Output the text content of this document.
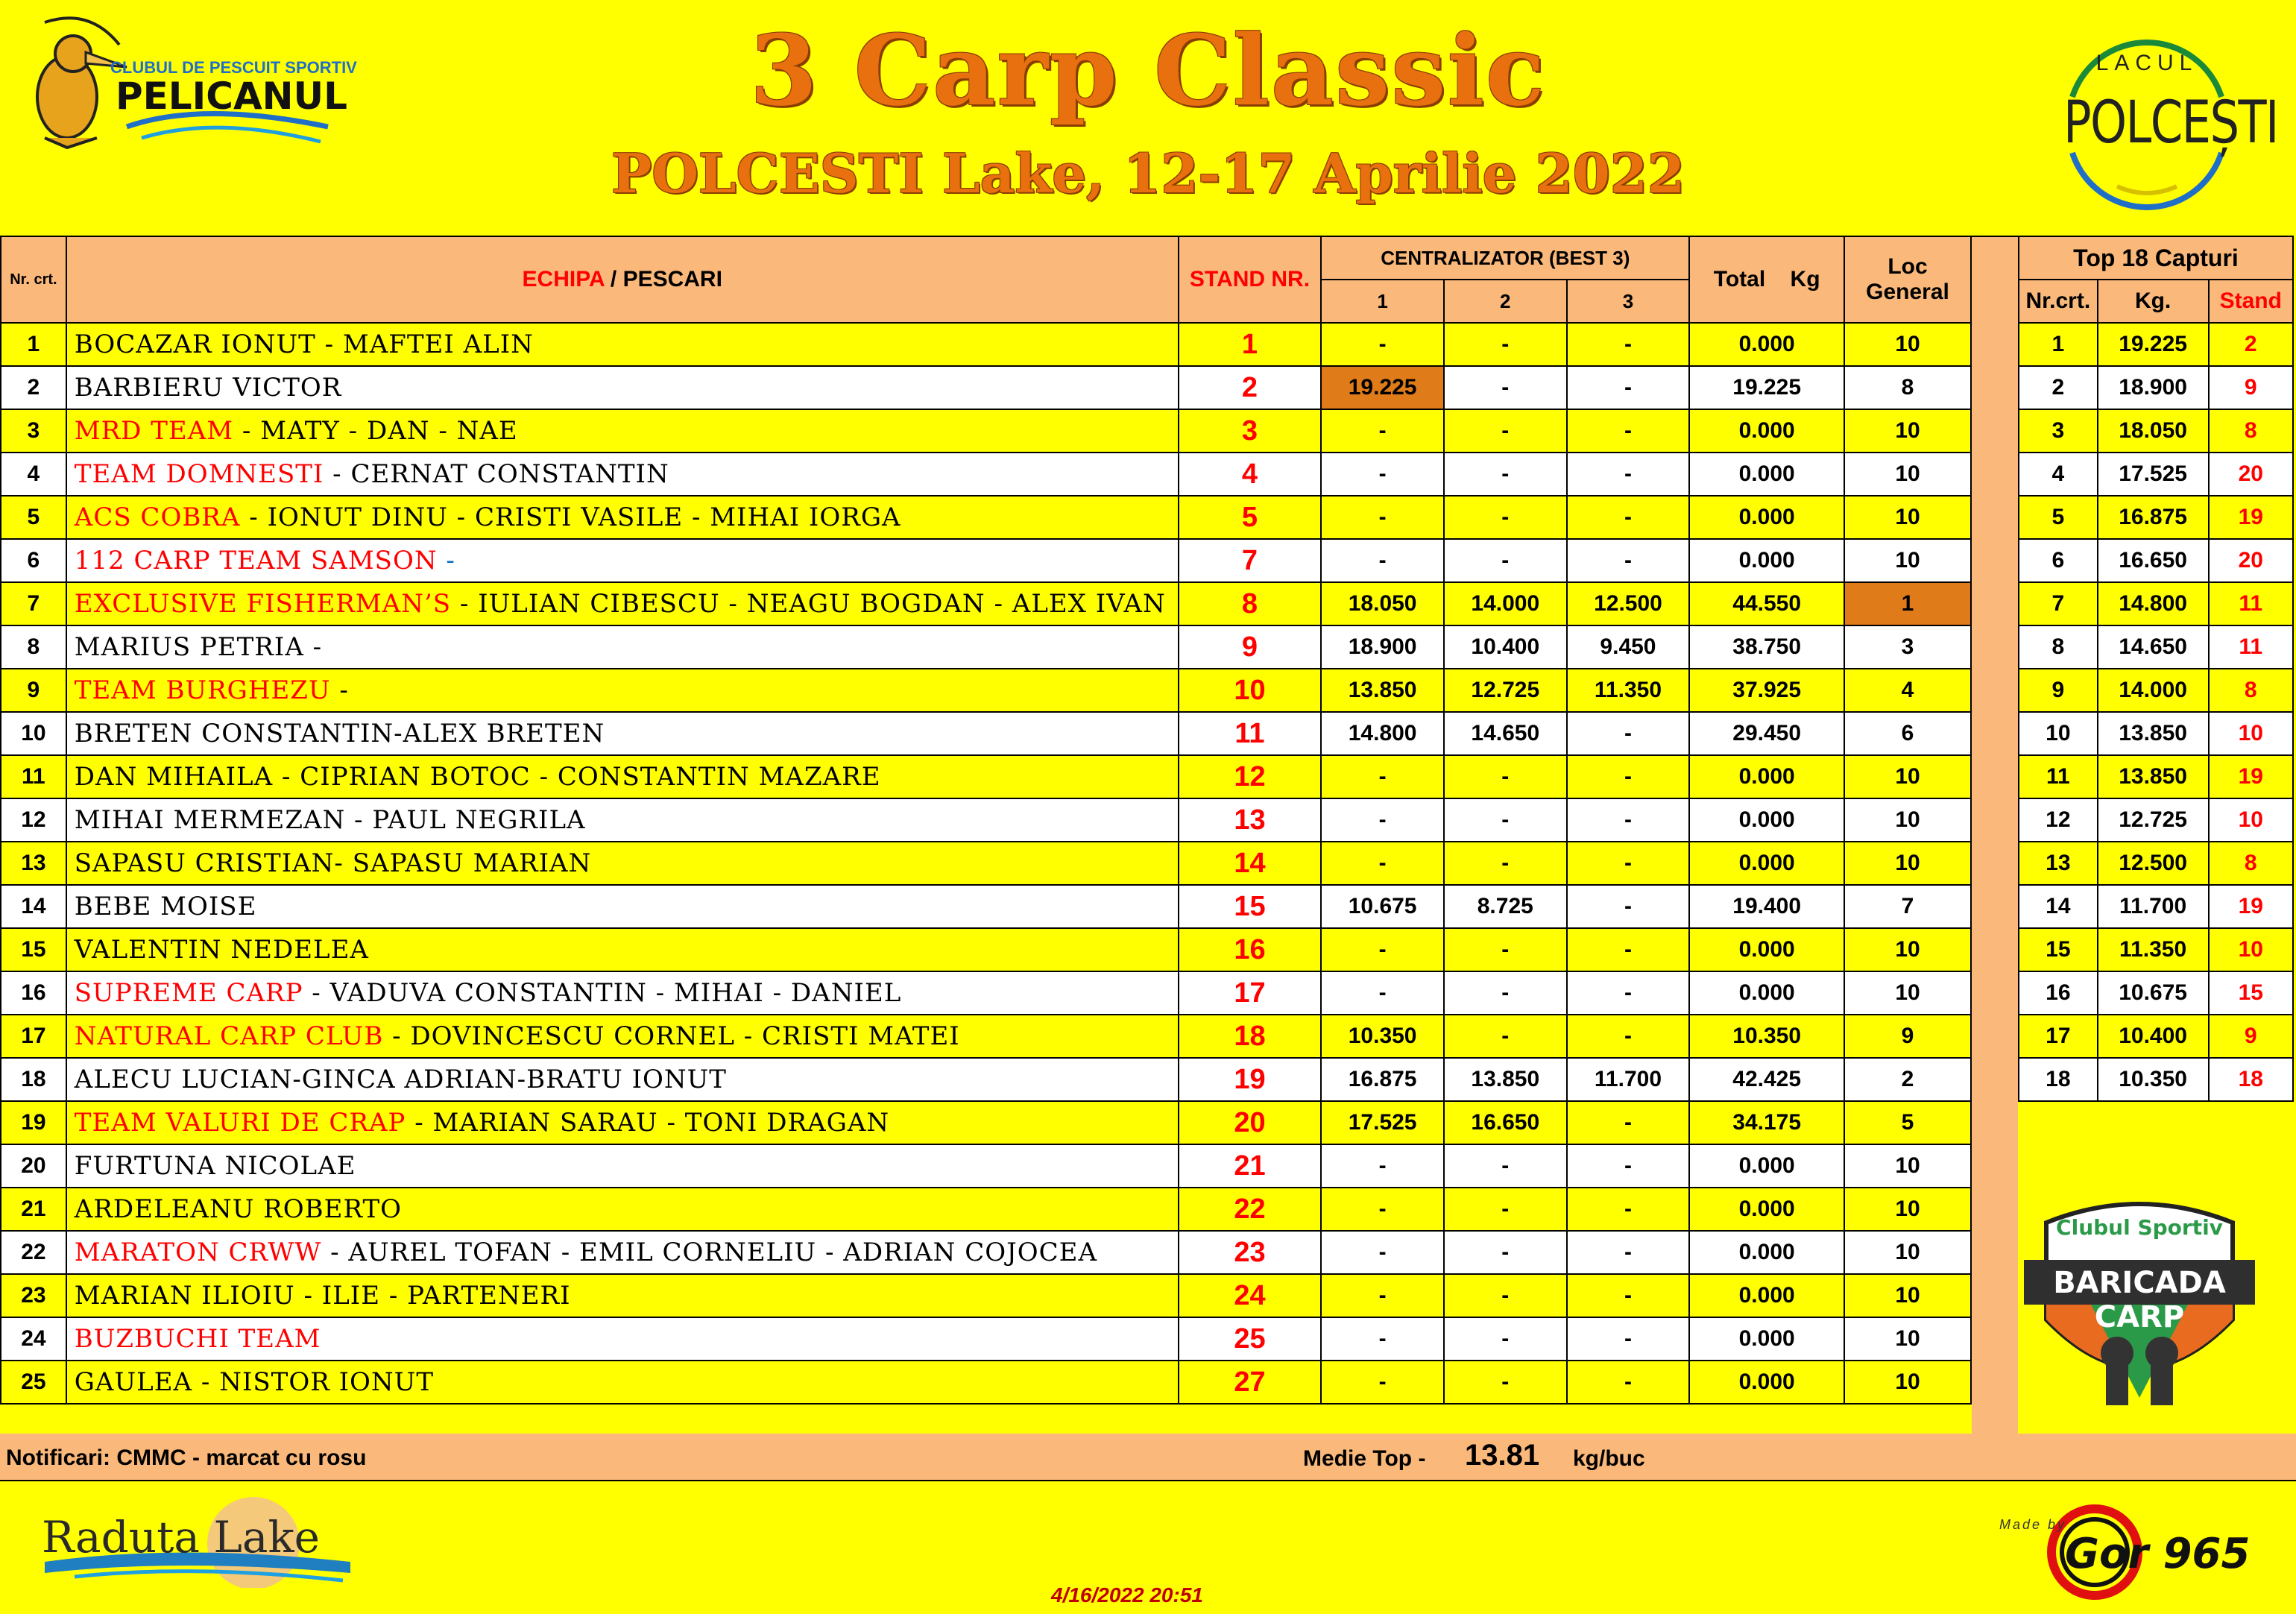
CLUBUL DE PESCUIT SPORTIV
PELICANUL
LACUL
POLCEȘTI
3 Carp Classic
POLCESTI Lake, 12-17 Aprilie 2022
Nr. crt.	ECHIPA / PESCARI	STAND NR.	CENTRALIZATOR (BEST 3)			Total    Kg	Loc General
			1	2	3		
1	BOCAZAR IONUT - MAFTEI ALIN	1	-	-	-	0.000	10
2	BARBIERU VICTOR	2	19.225	-	-	19.225	8
3	MRD TEAM - MATY - DAN - NAE	3	-	-	-	0.000	10
4	TEAM DOMNESTI - CERNAT CONSTANTIN	4	-	-	-	0.000	10
5	ACS COBRA - IONUT DINU - CRISTI VASILE - MIHAI IORGA	5	-	-	-	0.000	10
6	112 CARP TEAM SAMSON -	7	-	-	-	0.000	10
7	EXCLUSIVE FISHERMAN’S - IULIAN CIBESCU - NEAGU BOGDAN - ALEX IVAN	8	18.050	14.000	12.500	44.550	1
8	MARIUS PETRIA -	9	18.900	10.400	9.450	38.750	3
9	TEAM BURGHEZU -	10	13.850	12.725	11.350	37.925	4
10	BRETEN CONSTANTIN-ALEX BRETEN	11	14.800	14.650	-	29.450	6
11	DAN MIHAILA - CIPRIAN BOTOC - CONSTANTIN MAZARE	12	-	-	-	0.000	10
12	MIHAI MERMEZAN - PAUL NEGRILA	13	-	-	-	0.000	10
13	SAPASU CRISTIAN- SAPASU MARIAN	14	-	-	-	0.000	10
14	BEBE MOISE	15	10.675	8.725	-	19.400	7
15	VALENTIN NEDELEA	16	-	-	-	0.000	10
16	SUPREME CARP - VADUVA CONSTANTIN - MIHAI - DANIEL	17	-	-	-	0.000	10
17	NATURAL CARP CLUB - DOVINCESCU CORNEL - CRISTI MATEI	18	10.350	-	-	10.350	9
18	ALECU LUCIAN-GINCA ADRIAN-BRATU IONUT	19	16.875	13.850	11.700	42.425	2
19	TEAM VALURI DE CRAP - MARIAN SARAU - TONI DRAGAN	20	17.525	16.650	-	34.175	5
20	FURTUNA NICOLAE	21	-	-	-	0.000	10
21	ARDELEANU ROBERTO	22	-	-	-	0.000	10
22	MARATON CRWW - AUREL TOFAN - EMIL CORNELIU - ADRIAN COJOCEA	23	-	-	-	0.000	10
23	MARIAN ILIOIU - ILIE - PARTENERI	24	-	-	-	0.000	10
24	BUZBUCHI TEAM	25	-	-	-	0.000	10
25	GAULEA - NISTOR IONUT	27	-	-	-	0.000	10
Top 18 Capturi		
Nr.crt.	Kg.	Stand
1	19.225	2
2	18.900	9
3	18.050	8
4	17.525	20
5	16.875	19
6	16.650	20
7	14.800	11
8	14.650	11
9	14.000	8
10	13.850	10
11	13.850	19
12	12.725	10
13	12.500	8
14	11.700	19
15	11.350	10
16	10.675	15
17	10.400	9
18	10.350	18
Clubul Sportiv
BARICADA CARP
Notificari: CMMC - marcat cu rosu	Medie Top - 13.81 kg/buc
Raduta Lake
4/16/2022 20:51
Made by
Gor 965
